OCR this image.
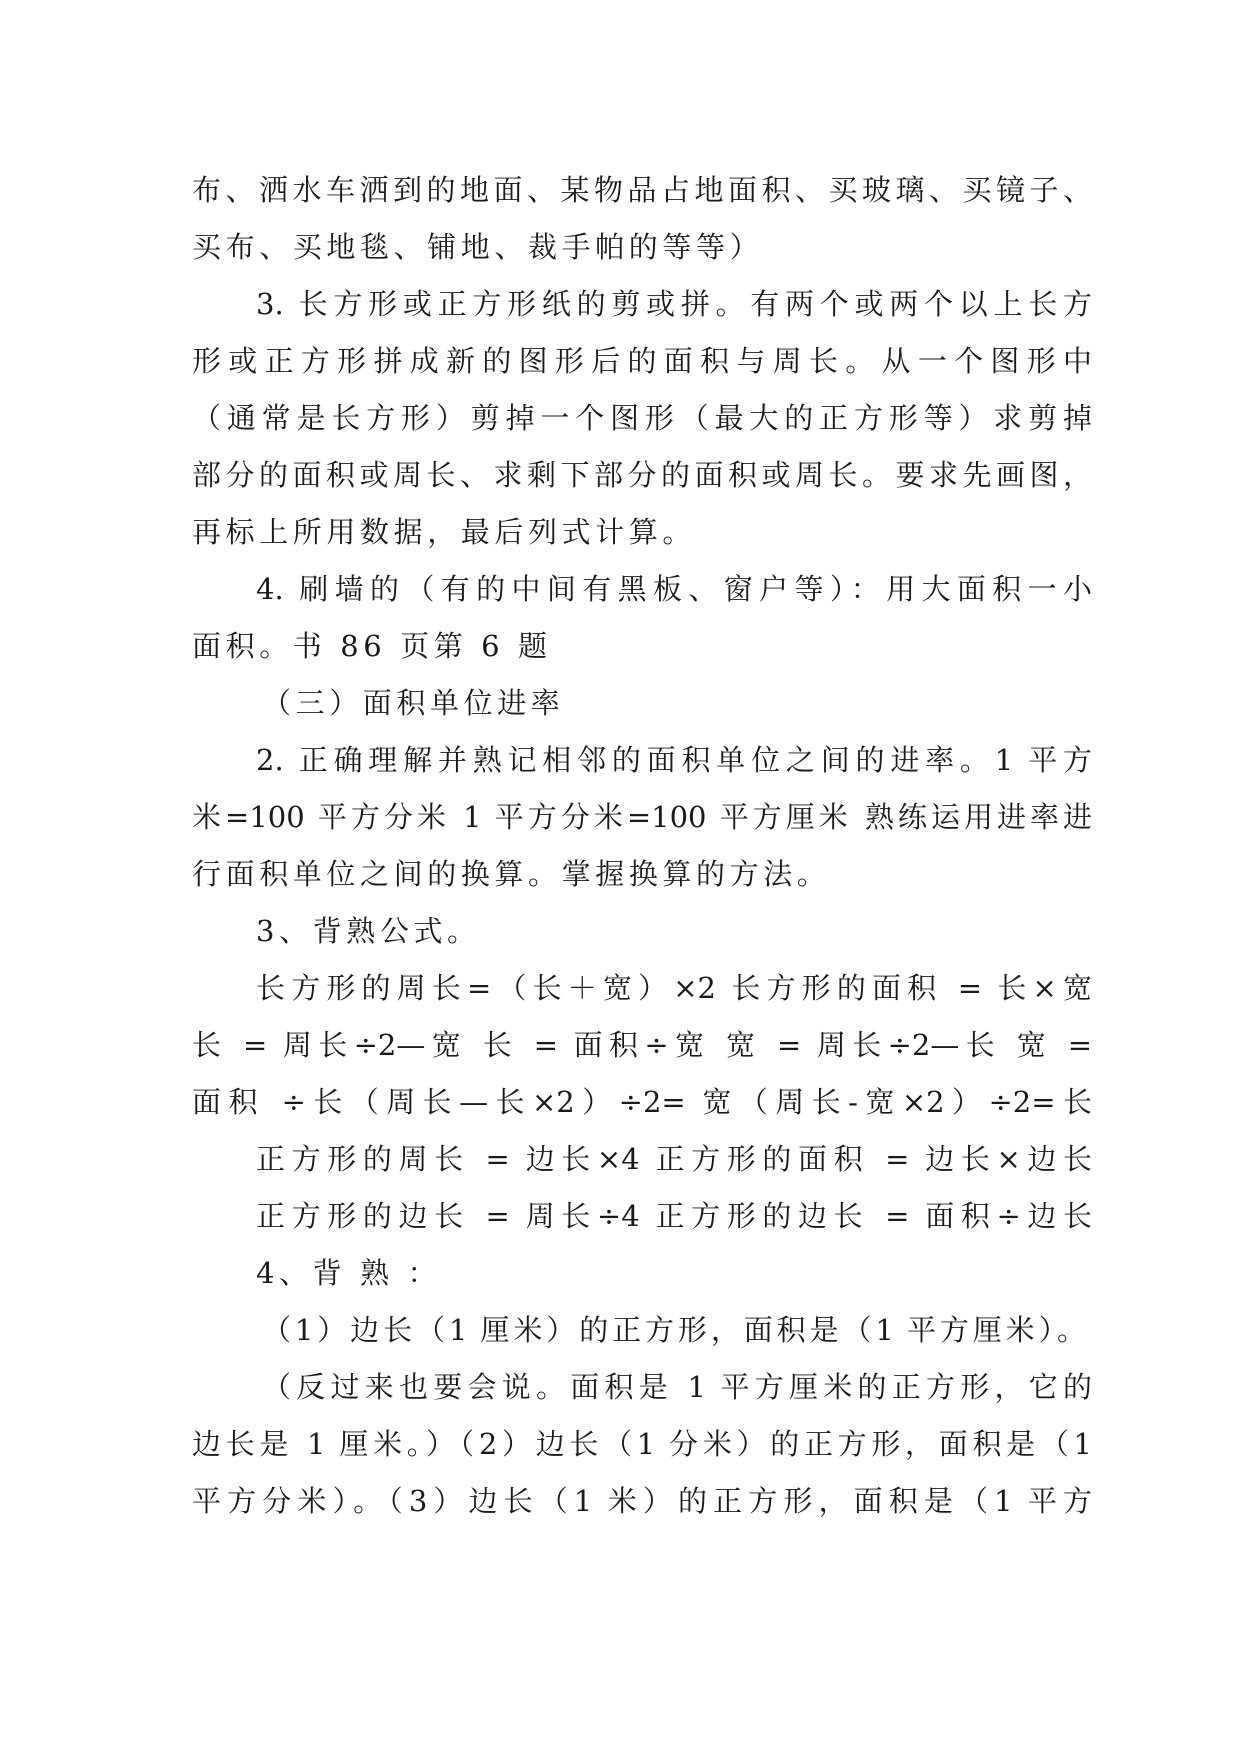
布、洒水车洒到的地面、某物品占地面积、买玻璃、买镜子、
买布、买地毯、铺地、裁手帕的等等）
3. 长方形或正方形纸的剪或拼。有两个或两个以上长方
形或正方形拼成新的图形后的面积与周长。从一个图形中
（通常是长方形）剪掉一个图形（最大的正方形等）求剪掉
部分的面积或周长、求剩下部分的面积或周长。要求先画图，
再标上所用数据，最后列式计算。
4. 刷墙的（有的中间有黑板、窗户等）：用大面积一小
面积。书 86 页第 6 题
（三）面积单位进率
2. 正确理解并熟记相邻的面积单位之间的进率。1 平方
米=100 平方分米 1 平方分米=100 平方厘米 熟练运用进率进
行面积单位之间的换算。掌握换算的方法。
3、背熟公式。
长方形的周长=（长＋宽）×2 长方形的面积 = 长×宽
长 = 周长÷2—宽 长 = 面积÷宽 宽 = 周长÷2—长 宽 =
面积 ÷长（周长—长×2）÷2= 宽（周长-宽×2）÷2=长
正方形的周长 = 边长×4 正方形的面积 = 边长×边长
正方形的边长 = 周长÷4 正方形的边长 = 面积÷边长
4、背 熟 ：
（1）边长（1 厘米）的正方形，面积是（1 平方厘米）。
（反过来也要会说。面积是 1 平方厘米的正方形，它的
边长是 1 厘米。）（2）边长（1 分米）的正方形，面积是（1
平方分米）。（3）边长（1 米）的正方形，面积是（1 平方
